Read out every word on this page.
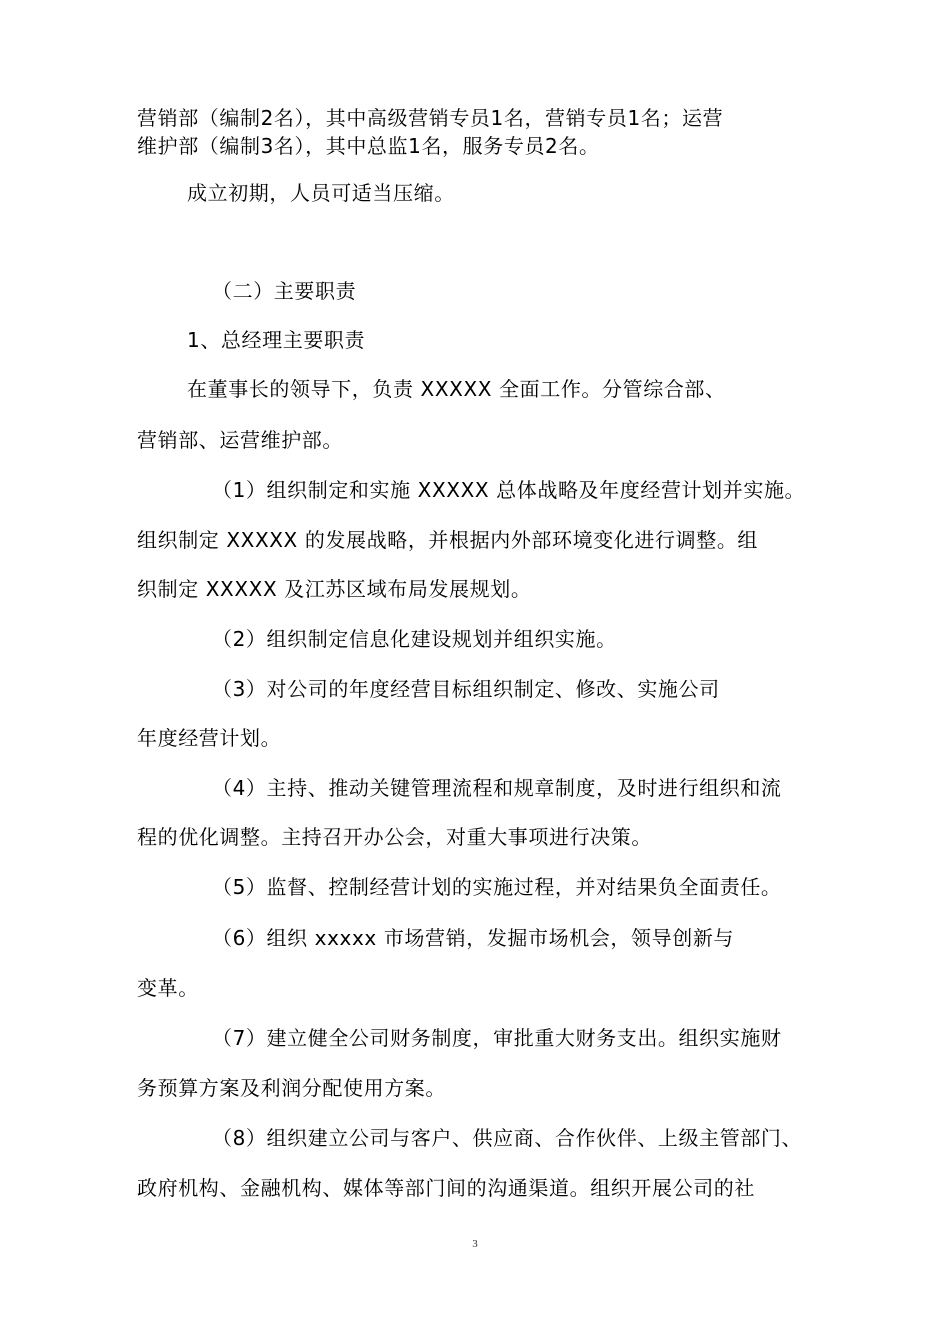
营销部（编制2名），其中高级营销专员1名，营销专员1名；运营
维护部（编制3名），其中总监1名，服务专员2名。
成立初期，人员可适当压缩。
（二）主要职责
1、总经理主要职责
在董事长的领导下，负责 XXXXX 全面工作。分管综合部、
营销部、运营维护部。
（1）组织制定和实施 XXXXX 总体战略及年度经营计划并实施。
组织制定 XXXXX 的发展战略，并根据内外部环境变化进行调整。组
织制定 XXXXX 及江苏区域布局发展规划。
（2）组织制定信息化建设规划并组织实施。
（3）对公司的年度经营目标组织制定、修改、实施公司
年度经营计划。
（4）主持、推动关键管理流程和规章制度，及时进行组织和流
程的优化调整。主持召开办公会，对重大事项进行决策。
（5）监督、控制经营计划的实施过程，并对结果负全面责任。
（6）组织 xxxxx 市场营销，发掘市场机会，领导创新与
变革。
（7）建立健全公司财务制度，审批重大财务支出。组织实施财
务预算方案及利润分配使用方案。
（8）组织建立公司与客户、供应商、合作伙伴、上级主管部门、
政府机构、金融机构、媒体等部门间的沟通渠道。组织开展公司的社
3
